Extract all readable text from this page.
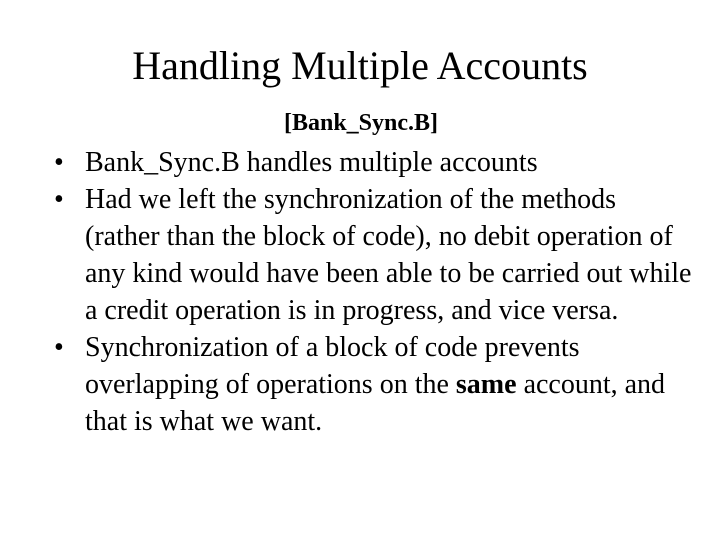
Handling Multiple Accounts
[Bank_Sync.B]
• Bank_Sync.B handles multiple accounts
• Had we left the synchronization of the methods (rather than the block of code), no debit operation of any kind would have been able to be carried out while a credit operation is in progress, and vice versa.
• Synchronization of a block of code prevents overlapping of operations on the same account, and that is what we want.
